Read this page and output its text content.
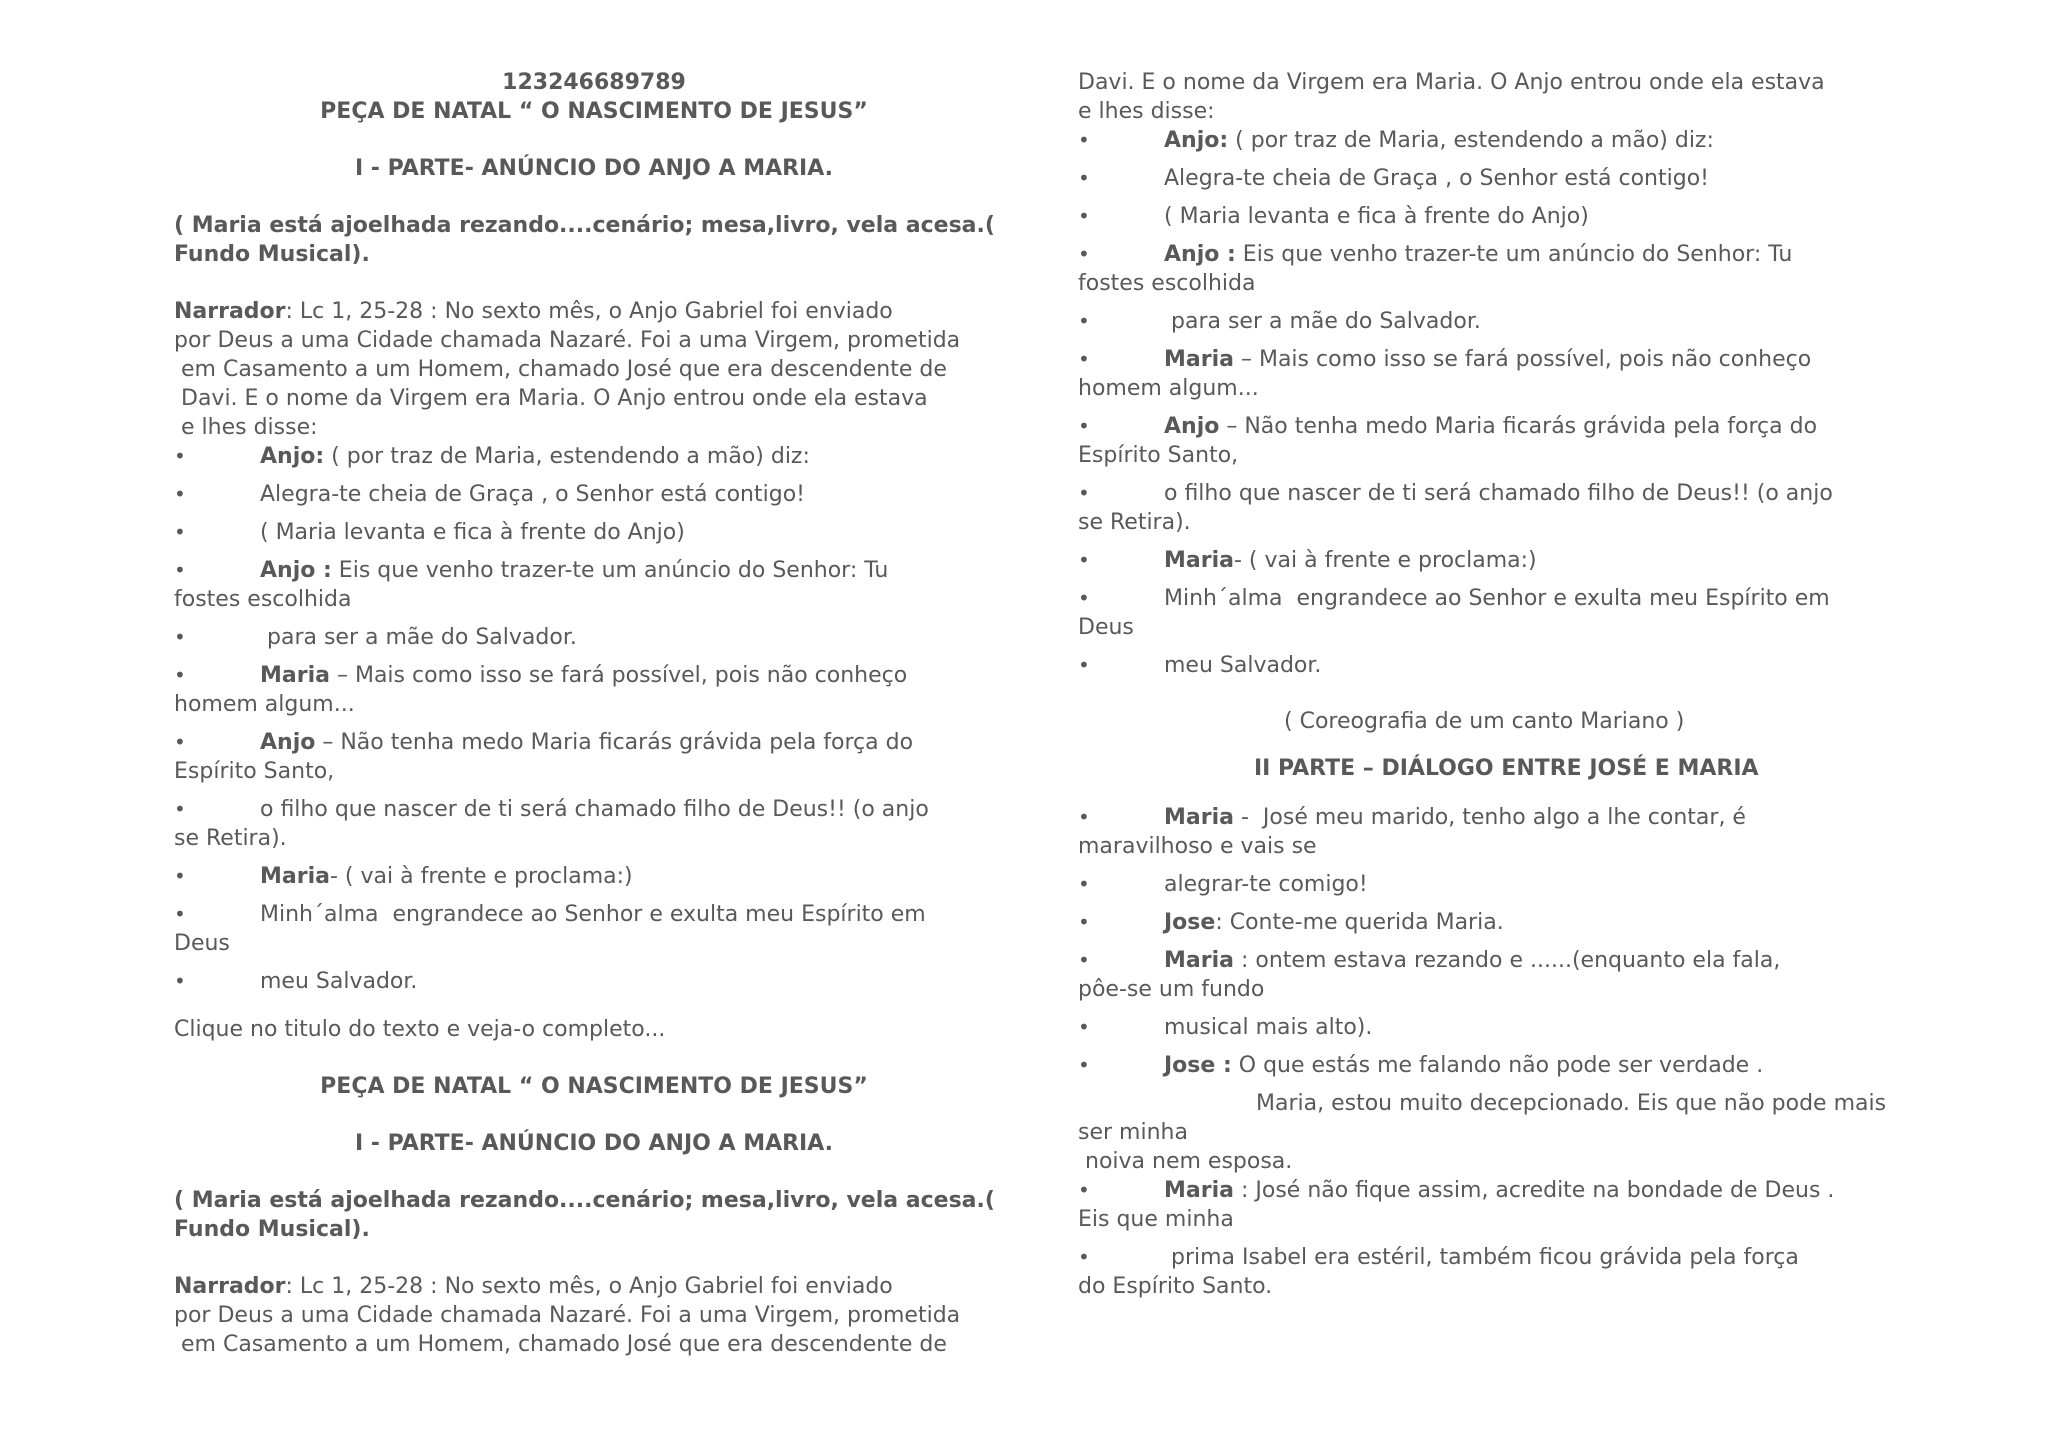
123246689789
PEÇA DE NATAL “ O NASCIMENTO DE JESUS”
I - PARTE- ANÚNCIO DO ANJO A MARIA.
( Maria está ajoelhada rezando....cenário; mesa,livro, vela acesa.(
Fundo Musical).
Narrador: Lc 1, 25-28 : No sexto mês, o Anjo Gabriel foi enviado
por Deus a uma Cidade chamada Nazaré. Foi a uma Virgem, prometida
em Casamento a um Homem, chamado José que era descendente de
Davi. E o nome da Virgem era Maria. O Anjo entrou onde ela estava
e lhes disse:
•	Anjo: ( por traz de Maria, estendendo a mão) diz:
•	Alegra-te cheia de Graça , o Senhor está contigo!
•	( Maria levanta e fica à frente do Anjo)
•	Anjo : Eis que venho trazer-te um anúncio do Senhor: Tu
fostes escolhida
•	para ser a mãe do Salvador.
•	Maria – Mais como isso se fará possível, pois não conheço
homem algum...
•	Anjo – Não tenha medo Maria ficarás grávida pela força do
Espírito Santo,
•	o filho que nascer de ti será chamado filho de Deus!! (o anjo
se Retira).
•	Maria- ( vai à frente e proclama:)
•	Minh´alma  engrandece ao Senhor e exulta meu Espírito em
Deus
•	meu Salvador.
Clique no titulo do texto e veja-o completo...
PEÇA DE NATAL “ O NASCIMENTO DE JESUS”
I - PARTE- ANÚNCIO DO ANJO A MARIA.
( Maria está ajoelhada rezando....cenário; mesa,livro, vela acesa.(
Fundo Musical).
Narrador: Lc 1, 25-28 : No sexto mês, o Anjo Gabriel foi enviado
por Deus a uma Cidade chamada Nazaré. Foi a uma Virgem, prometida
em Casamento a um Homem, chamado José que era descendente de
Davi. E o nome da Virgem era Maria. O Anjo entrou onde ela estava
e lhes disse:
•	Anjo: ( por traz de Maria, estendendo a mão) diz:
•	Alegra-te cheia de Graça , o Senhor está contigo!
•	( Maria levanta e fica à frente do Anjo)
•	Anjo : Eis que venho trazer-te um anúncio do Senhor: Tu
fostes escolhida
•	para ser a mãe do Salvador.
•	Maria – Mais como isso se fará possível, pois não conheço
homem algum...
•	Anjo – Não tenha medo Maria ficarás grávida pela força do
Espírito Santo,
•	o filho que nascer de ti será chamado filho de Deus!! (o anjo
se Retira).
•	Maria- ( vai à frente e proclama:)
•	Minh´alma  engrandece ao Senhor e exulta meu Espírito em
Deus
•	meu Salvador.
( Coreografia de um canto Mariano )
II PARTE – DIÁLOGO ENTRE JOSÉ E MARIA
•	Maria -  José meu marido, tenho algo a lhe contar, é
maravilhoso e vais se
•	alegrar-te comigo!
•	Jose: Conte-me querida Maria.
•	Maria : ontem estava rezando e ......(enquanto ela fala,
pôe-se um fundo
•	musical mais alto).
•	Jose : O que estás me falando não pode ser verdade .
Maria, estou muito decepcionado. Eis que não pode mais
ser minha
noiva nem esposa.
•	Maria : José não fique assim, acredite na bondade de Deus .
Eis que minha
•	prima Isabel era estéril, também ficou grávida pela força
do Espírito Santo.
